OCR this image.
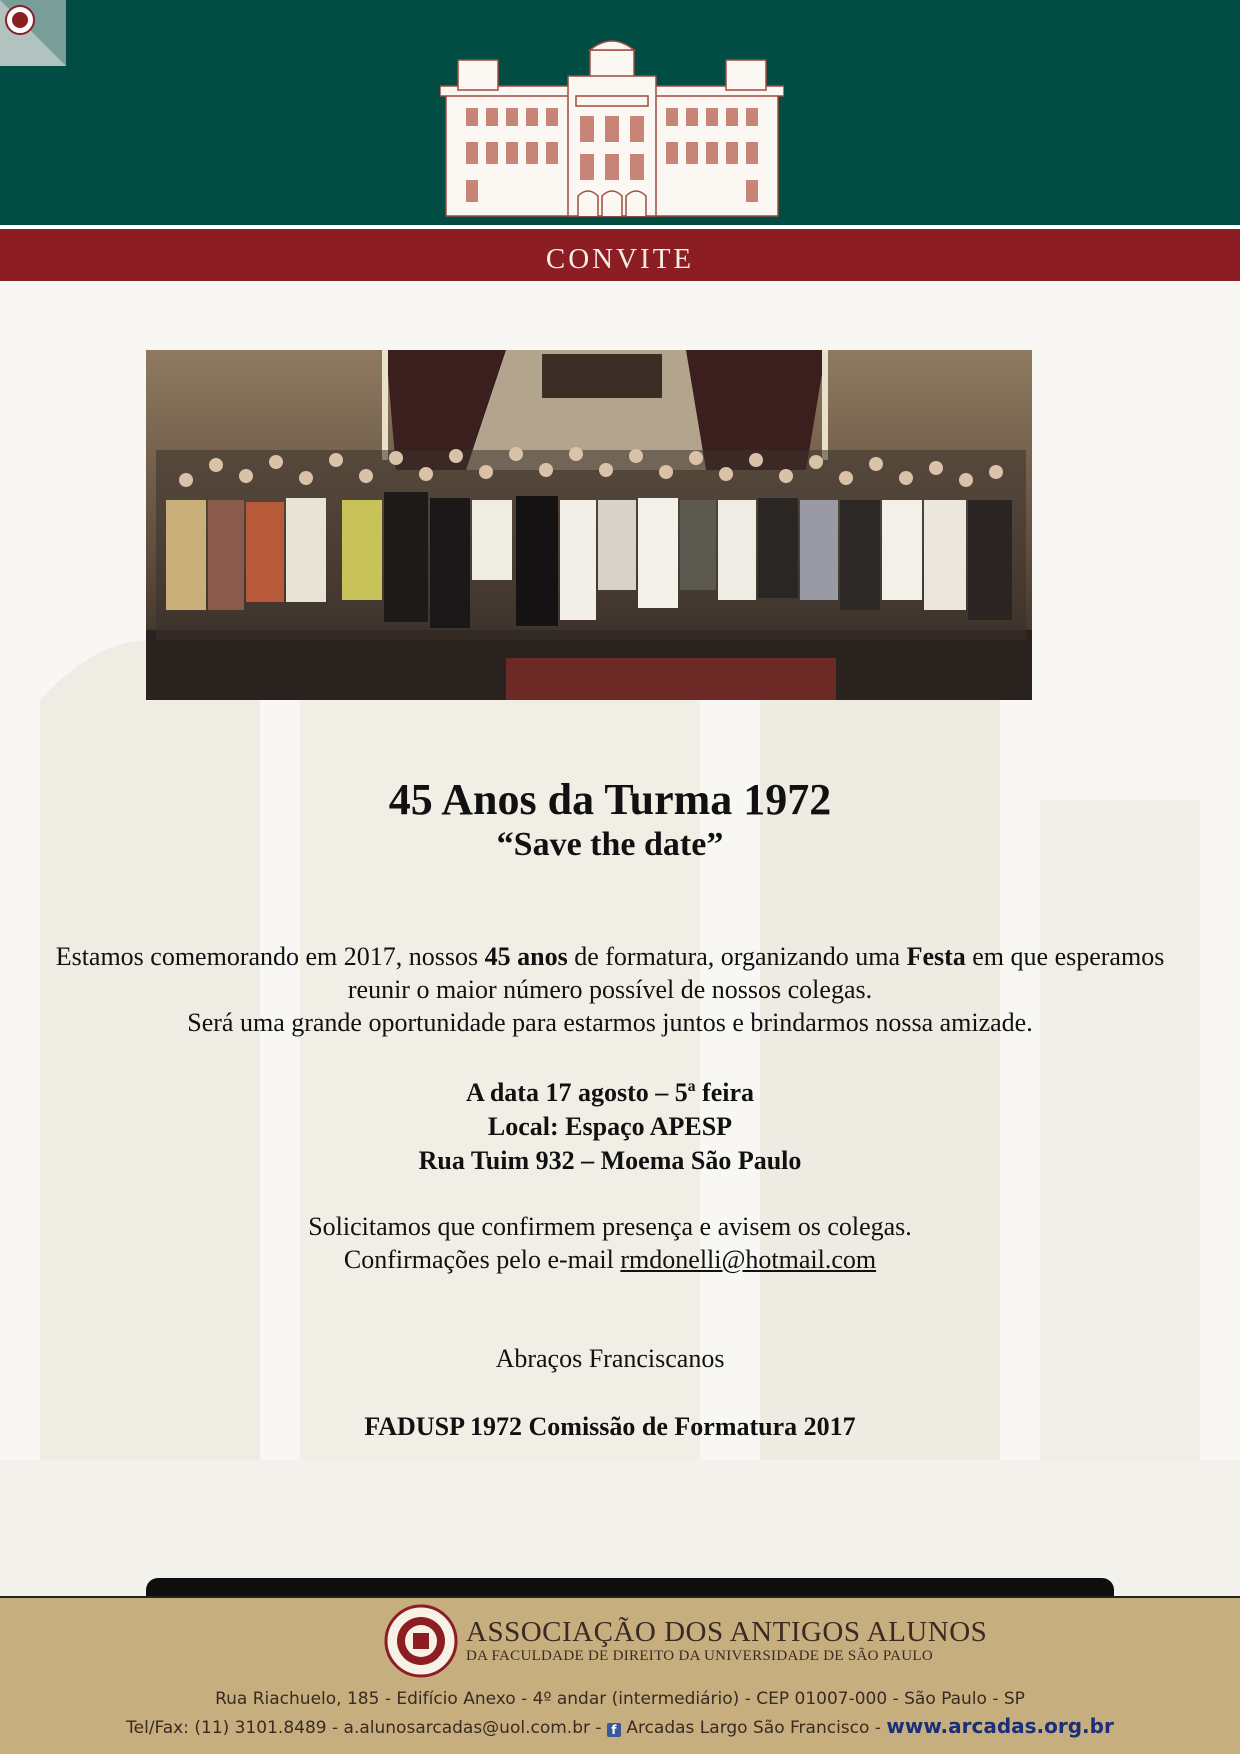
convite
45 Anos da Turma 1972
“Save the date”
Estamos comemorando em 2017, nossos 45 anos de formatura, organizando uma Festa em que esperamos reunir o maior número possível de nossos colegas.
Será uma grande oportunidade para estarmos juntos e brindarmos nossa amizade.
A data 17 agosto – 5ª feira
Local: Espaço APESP
Rua Tuim 932 – Moema São Paulo
Solicitamos que confirmem presença e avisem os colegas.
Confirmações pelo e-mail rmdonelli@hotmail.com
Abraços Franciscanos
FADUSP 1972 Comissão de Formatura 2017
ASSOCIAÇÃO DOS ANTIGOS ALUNOS
DA FACULDADE DE DIREITO DA UNIVERSIDADE DE SÃO PAULO
Rua Riachuelo, 185 - Edifício Anexo - 4º andar (intermediário) - CEP 01007-000 - São Paulo - SP
Tel/Fax: (11) 3101.8489 - a.alunosarcadas@uol.com.br - f Arcadas Largo São Francisco - www.arcadas.org.br
